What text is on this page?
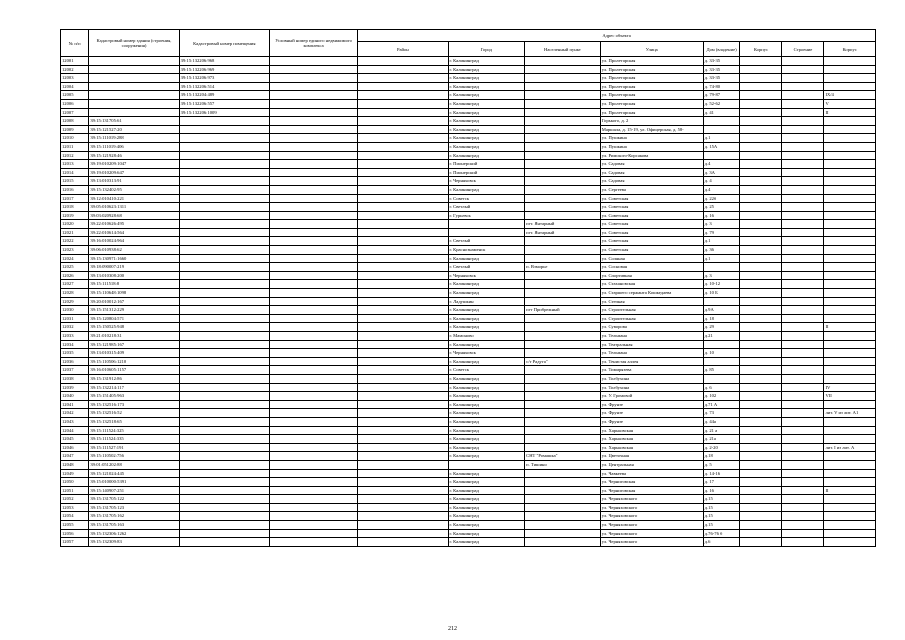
№ п/п	Кадастровый номер здания (строения, сооружения)	Кадастровый номер помещения	Условный номер единого недвижимого комплекса	Адрес объекта							
				Район	Город	Населенный пункт	Улица	Дом (владение)	Корпус	Строение	Корпус
12001		39:15:132206:968			г. Калининград		ул. Пролетарская	д. 33-35			
12002		39:15:132206:969			г. Калининград		ул. Пролетарская	д. 33-35			
12003		39:15:132206:973			г. Калининград		ул. Пролетарская	д. 33-35			
12004		39:15:132206:514			г. Калининград		ул. Пролетарская	д. 74-80			
12005		39:15:132204:489			г. Калининград		ул. Пролетарская	д. 79-87			IX/4
12006		39:15:132206:557			г. Калининград		ул. Пролетарская	д. 52-62			V
12007		39:15:132206:1009			г. Калининград		ул. Пролетарская	д. 41			II
12008	39:15:131705:61				г. Калининград		Горького, д. 2				
12009	39:15:121527:20				г. Калининград		Маршала, д. 15-19, ул. Офицерская, д. 58-				
12010	39:15:111019:288				г. Калининград		ул. Пушкина	д.1			
12011	39:15:111019:406				г. Калининград		ул. Пушкина	д. 15А			
12012	39:15:121928:46				г. Калининград		ул. Римского-Корсакова				
12013	39:19:010209:1047				г. Пионерский		ул. Садовая	д.4			
12014	39:19:010209:647				г. Пионерский		ул. Садовая	д. 3А			
12015	39:13:010313:91				г. Черняховск		ул. Садовая	д. 4			
12016	39:15:132402:95				г. Калининград		ул. Сергеева	д.4			
12017	39:12:010410:221				г. Советск		ул. Советская	д. 22б			
12018	39:05:010623:1311				г. Светлый		ул. Советская	д. 25			
12019	39:03:020928:68				г. Гурьевск		ул. Советская	д. 16			
12020	39:22:010626:495					пгт. Янтарный	ул. Советская	д. 3			
12021	39:22:010614:564					пгт. Янтарный	ул. Советская	д. 79			
12022	39:16:010024:964				г. Светлый		ул. Советская	д.1			
12023	39:06:010938:62				г. Краснознаменск		ул. Советская	д. 36			
12024	39:15:130971:1660				г. Калининград		ул. Соляная	д.1			
12025	39:18:090007:219				г. Светлый	п. Взморье	ул. Сосновая				
12026	39:13:010308:200				г. Черняховск		ул. Спортивная	д. 3			
12027	39:15:111518:8				г. Калининград		ул. Стахановская	д. 10-12			
12028	39:15:110648:1098				г. Калининград		ул. Старшего сержанта Кошкедаева	д. 10 Б			
12029	39:20:010012:167				г. Ладушкин		ул. Степная				
12030	39:15:151312:229				г. Калининград	пгт Прибрежный	ул. Строительная	д.9А			
12031	39:15:120804:571				г. Калининград		ул. Строительная	д. 18			
12032	39:15:150525:948				г. Калининград		ул. Суворова	д. 29			II
12033	39:21:010218:31				г. Мамоново		ул. Тельмана	д.21			
12034	39:15:121985:167				г. Калининград		ул. Театральная				
12035	39:13:010315:409				г. Черняховск		ул. Тельмана	д. 10			
12036	39:15:110506:1210				г. Калининград	с/т Радуга"	ул. Тенистая аллея				
12037	39:16:010605:1157				г. Советск		ул. Тимирязева	д. 85			
12038	39:15:131912:86				г. Калининград		ул. Толбухина				
12039	39:15:132214:117				г. Калининград		ул. Толбухина	д. 6			IV
12040	39:15:151405:963				г. Калининград		ул. У. Громовой	д. 102			VII
12041	39:15:132516:173				г. Калининград		ул. Фрунзе	д.71 А			
12042	39:15:132516:52				г. Калининград		ул. Фрунзе	д. 73			лит. V из лит. А1
12043	39:15:132518:65				г. Калининград		ул. Фрунзе	д. 44а			
12044	39:15:111524:325				г. Калининград		ул. Харьковская	д. 21 а			
12045	39:15:111524:335				г. Калининград		ул. Харьковская	д. 21а			
12046	39:15:111527:191				г. Калининград		ул. Харьковская	д. 2-20			лит. I из лит. А
12047	39:15:110502:756				г. Калининград	СНТ "Ромашка"	ул. Цветочная	д.18			
12048	39:01:051202:88					п. Тишино	ул. Центральная	д. 5			
12049	39:15:121024:445				г. Калининград		ул. Чавкеева	д. 14-16			
12050	39:15:010000:5391				г. Калининград		ул. Черниговская	д. 17			
12051	39:15:140907:251				г. Калининград		ул. Черниговская	д. 16			II
12052	39:15:131705:122				г. Калининград		ул. Черняховского	д.15			
12053	39:15:131705:123				г. Калининград		ул. Черняховского	д.15			
12054	39:15:131705:162				г. Калининград		ул. Черняховского	д.15			
12055	39:15:131705:163				г. Калининград		ул. Черняховского	д.15			
12056	39:15:132306:1262				г. Калининград		ул. Черняховского	д.76-76 б			
12057	39:15:132309:83				г. Калининград		ул. Черняховского	д.6			
212
